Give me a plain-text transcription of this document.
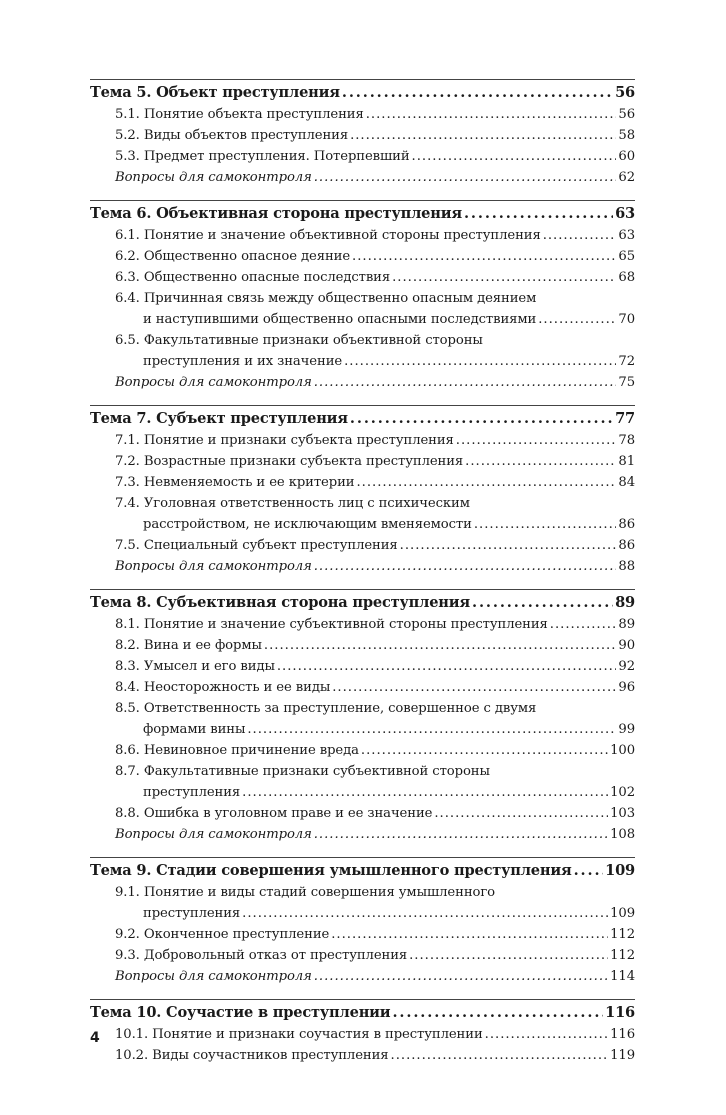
Тема 5. Объект преступления . . .	56
5.1. Понятие объекта преступления . . .	56
5.2. Виды объектов преступления . . .	58
5.3. Предмет преступления. Потерпевший . . .	60
Вопросы для самоконтроля . . .	62
Тема 6. Объективная сторона преступления . . .	63
6.1. Понятие и значение объективной стороны преступления . . .	63
6.2. Общественно опасное деяние . . .	65
6.3. Общественно опасные последствия . . .	68
6.4. Причинная связь между общественно опасным деянием
и наступившими общественно опасными последствиями . . .	70
6.5. Факультативные признаки объективной стороны
преступления и их значение . . .	72
Вопросы для самоконтроля . . .	75
Тема 7. Субъект преступления . . .	77
7.1. Понятие и признаки субъекта преступления . . .	78
7.2. Возрастные признаки субъекта преступления . . .	81
7.3. Невменяемость и ее критерии . . .	84
7.4. Уголовная ответственность лиц с психическим
расстройством, не исключающим вменяемости . . .	86
7.5. Специальный субъект преступления . . .	86
Вопросы для самоконтроля . . .	88
Тема 8. Субъективная сторона преступления . . .	89
8.1. Понятие и значение субъективной стороны преступления . . .	89
8.2. Вина и ее формы . . .	90
8.3. Умысел и его виды . . .	92
8.4. Неосторожность и ее виды . . .	96
8.5. Ответственность за преступление, совершенное с двумя
формами вины . . .	99
8.6. Невиновное причинение вреда . . .	100
8.7. Факультативные признаки субъективной стороны
преступления . . .	102
8.8. Ошибка в уголовном праве и ее значение . . .	103
Вопросы для самоконтроля . . .	108
Тема 9. Стадии совершения умышленного преступления . . . 109
9.1. Понятие и виды стадий совершения умышленного
преступления . . .	109
9.2. Оконченное преступление . . .	112
9.3. Добровольный отказ от преступления . . .	112
Вопросы для самоконтроля . . .	114
Тема 10. Соучастие в преступлении . . .	116
10.1. Понятие и признаки соучастия в преступлении . . .	116
10.2. Виды соучастников преступления . . .	119
4
